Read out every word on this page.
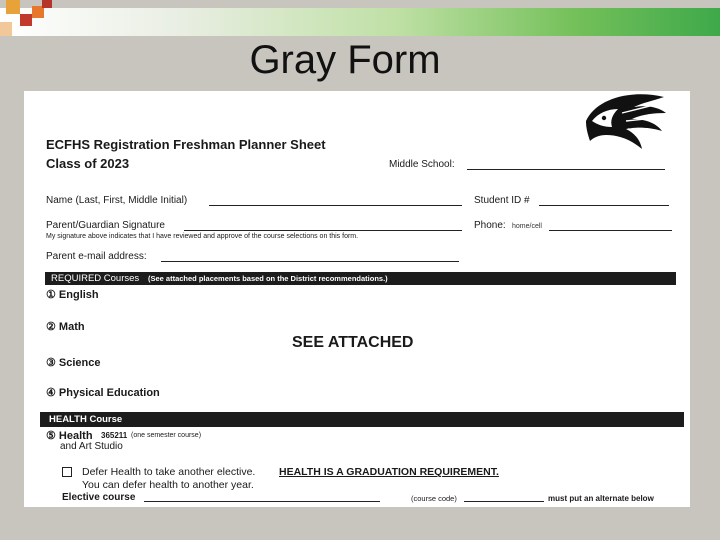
Gray Form
ECFHS Registration Freshman Planner Sheet
Class of 2023	Middle School:
Name (Last, First, Middle Initial)	Student ID #
Parent/Guardian Signature	Phone: home/cell
My signature above indicates that I have reviewed and approve of the course selections on this form.
Parent e-mail address:
REQUIRED Courses (See attached placements based on the District recommendations.)
① English
② Math
③ Science
④ Physical Education
SEE ATTACHED
HEALTH Course
⑤ Health 365211 (one semester course)
and Art Studio
Defer Health to take another elective. HEALTH IS A GRADUATION REQUIREMENT.
You can defer health to another year.
Elective course	(course code)	must put an alternate below
